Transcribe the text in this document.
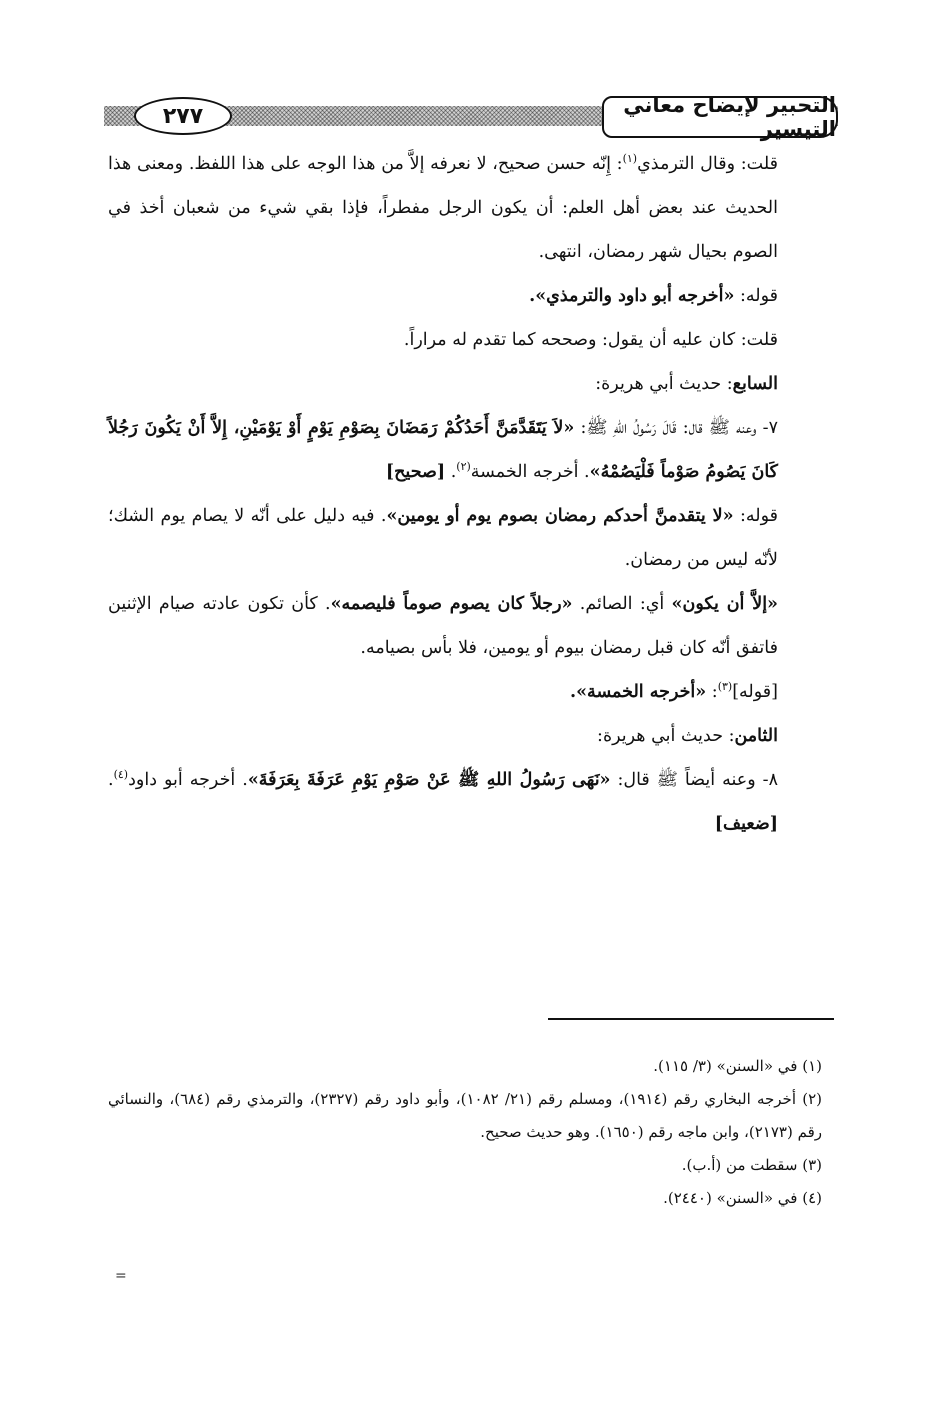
التحبير لإيضاح معاني التيسير
٢٧٧

قلت: وقال الترمذي$^{(١)}$: إِنّه حسن صحيح، لا نعرفه إلاَّ من هذا الوجه على هذا اللفظ. ومعنى هذا الحديث عند بعض أهل العلم: أن يكون الرجل مفطراً، فإذا بقي شيء من شعبان أخذ في الصوم بحيال شهر رمضان، انتهى.

قوله: «أخرجه أبو داود والترمذي».

قلت: كان عليه أن يقول: وصححه كما تقدم له مراراً.

السابع: حديث أبي هريرة:

٧- وعنه ﷺ قال: قَالَ رَسُولُ اللهِ ﷺ: «لاَ يَتَقَدَّمَنَّ أَحَدُكُمْ رَمَضَانَ بِصَوْمِ يَوْمٍ أَوْ يَوْمَيْنِ، إِلاَّ أَنْ يَكُونَ رَجُلاً كَانَ يَصُومُ صَوْماً فَلْيَصُمْهُ». أخرجه الخمسة$^{(٢)}$. [صحيح]

قوله: «لا يتقدمنَّ أحدكم رمضان بصوم يوم أو يومين». فيه دليل على أنّه لا يصام يوم الشك؛ لأنّه ليس من رمضان.

«إلاَّ أن يكون» أي: الصائم. «رجلاً كان يصوم صوماً فليصمه». كأن تكون عادته صيام الإثنين فاتفق أنّه كان قبل رمضان بيوم أو يومين، فلا بأس بصيامه.

[قوله]$^{(٣)}$: «أخرجه الخمسة».

الثامن: حديث أبي هريرة:

٨- وعنه أيضاً ﷺ قال: «نَهَى رَسُولُ اللهِ ﷺ عَنْ صَوْمِ يَوْمِ عَرَفَةَ بِعَرَفَةَ». أخرجه أبو داود$^{(٤)}$. [ضعيف]

(١) في «السنن» (٣/ ١١٥).

(٢) أخرجه البخاري رقم (١٩١٤)، ومسلم رقم (٢١/ ١٠٨٢)، وأبو داود رقم (٢٣٢٧)، والترمذي رقم (٦٨٤)، والنسائي رقم (٢١٧٣)، وابن ماجه رقم (١٦٥٠). وهو حديث صحيح.

(٣) سقطت من (أ.ب).

(٤) في «السنن» (٢٤٤٠).

=
